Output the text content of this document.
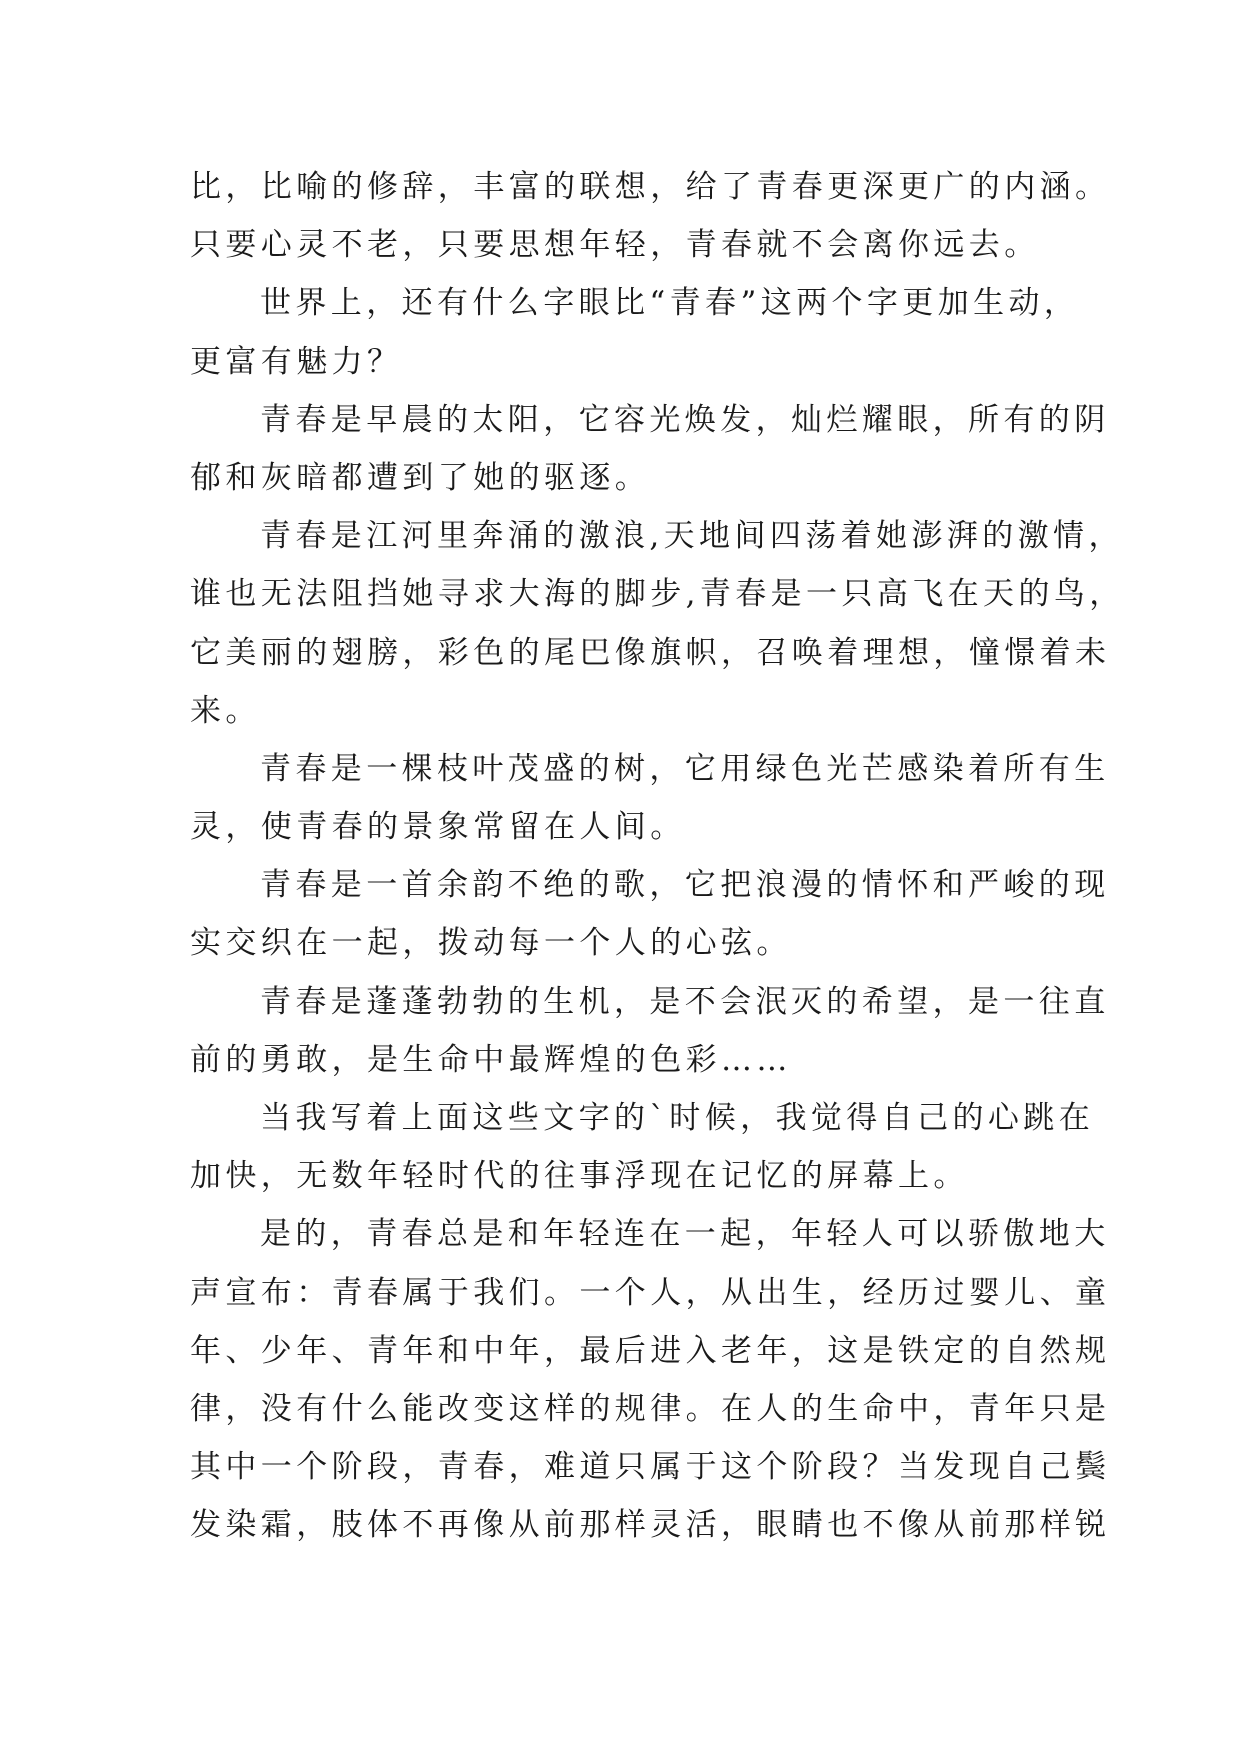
比，比喻的修辞，丰富的联想，给了青春更深更广的内涵。
只要心灵不老，只要思想年轻，青春就不会离你远去。
世界上，还有什么字眼比“青春”这两个字更加生动，
更富有魅力？
青春是早晨的太阳，它容光焕发，灿烂耀眼，所有的阴
郁和灰暗都遭到了她的驱逐。
青春是江河里奔涌的激浪,天地间四荡着她澎湃的激情，
谁也无法阻挡她寻求大海的脚步,青春是一只高飞在天的鸟，
它美丽的翅膀，彩色的尾巴像旗帜，召唤着理想，憧憬着未
来。
青春是一棵枝叶茂盛的树，它用绿色光芒感染着所有生
灵，使青春的景象常留在人间。
青春是一首余韵不绝的歌，它把浪漫的情怀和严峻的现
实交织在一起，拨动每一个人的心弦。
青春是蓬蓬勃勃的生机，是不会泯灭的希望，是一往直
前的勇敢，是生命中最辉煌的色彩……
当我写着上面这些文字的`时候，我觉得自己的心跳在
加快，无数年轻时代的往事浮现在记忆的屏幕上。
是的，青春总是和年轻连在一起，年轻人可以骄傲地大
声宣布：青春属于我们。一个人，从出生，经历过婴儿、童
年、少年、青年和中年，最后进入老年，这是铁定的自然规
律，没有什么能改变这样的规律。在人的生命中，青年只是
其中一个阶段，青春，难道只属于这个阶段？当发现自己鬓
发染霜，肢体不再像从前那样灵活，眼睛也不像从前那样锐
